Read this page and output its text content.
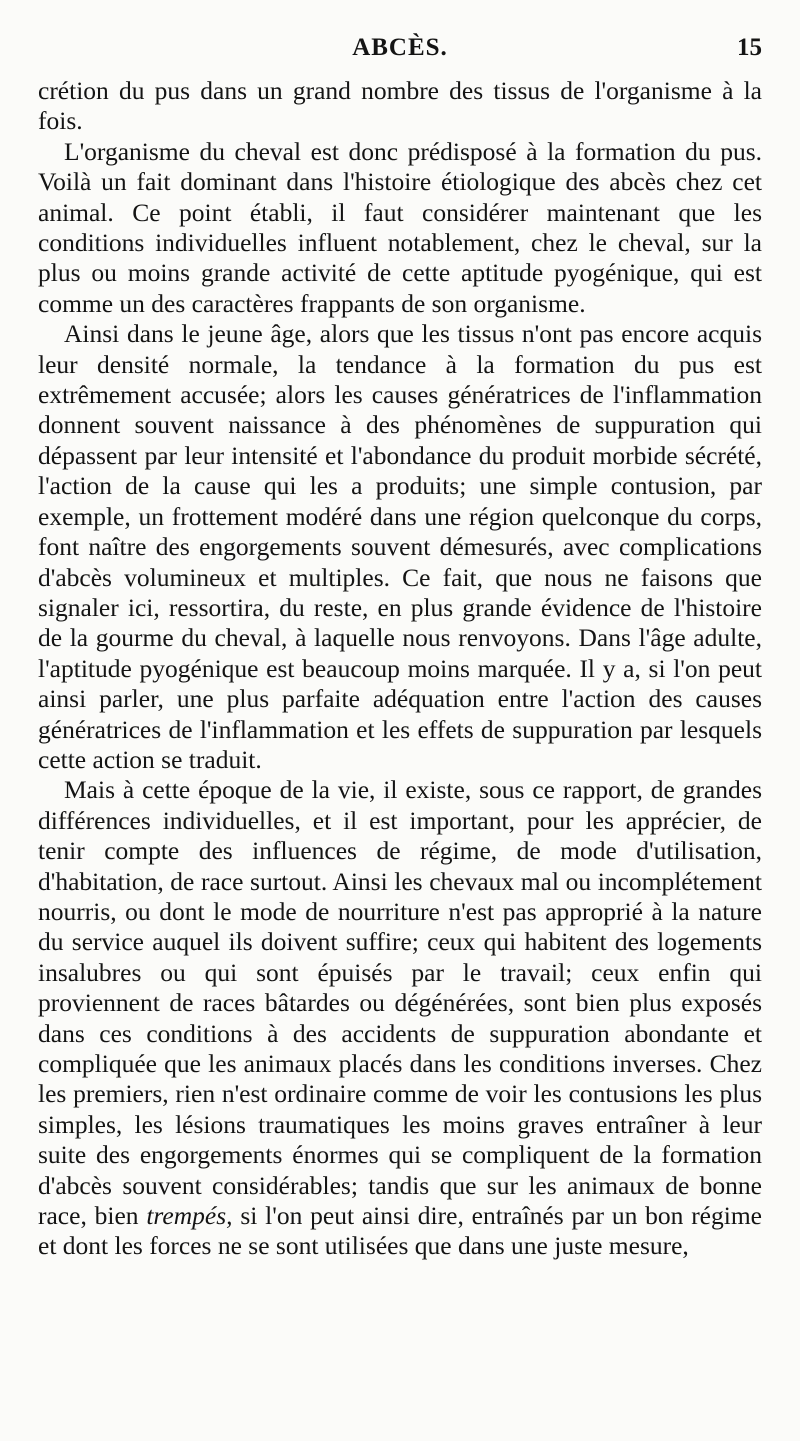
ABCÈS.	15

crétion du pus dans un grand nombre des tissus de l'organisme à la fois.

L'organisme du cheval est donc prédisposé à la formation du pus. Voilà un fait dominant dans l'histoire étiologique des abcès chez cet animal. Ce point établi, il faut considérer maintenant que les conditions individuelles influent notablement, chez le cheval, sur la plus ou moins grande activité de cette aptitude pyogénique, qui est comme un des caractères frappants de son organisme.

Ainsi dans le jeune âge, alors que les tissus n'ont pas encore acquis leur densité normale, la tendance à la formation du pus est extrêmement accusée; alors les causes génératrices de l'inflammation donnent souvent naissance à des phénomènes de suppuration qui dépassent par leur intensité et l'abondance du produit morbide sécrété, l'action de la cause qui les a produits; une simple contusion, par exemple, un frottement modéré dans une région quelconque du corps, font naître des engorgements souvent démesurés, avec complications d'abcès volumineux et multiples. Ce fait, que nous ne faisons que signaler ici, ressortira, du reste, en plus grande évidence de l'histoire de la gourme du cheval, à laquelle nous renvoyons. Dans l'âge adulte, l'aptitude pyogénique est beaucoup moins marquée. Il y a, si l'on peut ainsi parler, une plus parfaite adéquation entre l'action des causes génératrices de l'inflammation et les effets de suppuration par lesquels cette action se traduit.

Mais à cette époque de la vie, il existe, sous ce rapport, de grandes différences individuelles, et il est important, pour les apprécier, de tenir compte des influences de régime, de mode d'utilisation, d'habitation, de race surtout. Ainsi les chevaux mal ou incomplétement nourris, ou dont le mode de nourriture n'est pas approprié à la nature du service auquel ils doivent suffire; ceux qui habitent des logements insalubres ou qui sont épuisés par le travail; ceux enfin qui proviennent de races bâtardes ou dégénérées, sont bien plus exposés dans ces conditions à des accidents de suppuration abondante et compliquée que les animaux placés dans les conditions inverses. Chez les premiers, rien n'est ordinaire comme de voir les contusions les plus simples, les lésions traumatiques les moins graves entraîner à leur suite des engorgements énormes qui se compliquent de la formation d'abcès souvent considérables; tandis que sur les animaux de bonne race, bien trempés, si l'on peut ainsi dire, entraînés par un bon régime et dont les forces ne se sont utilisées que dans une juste mesure,
